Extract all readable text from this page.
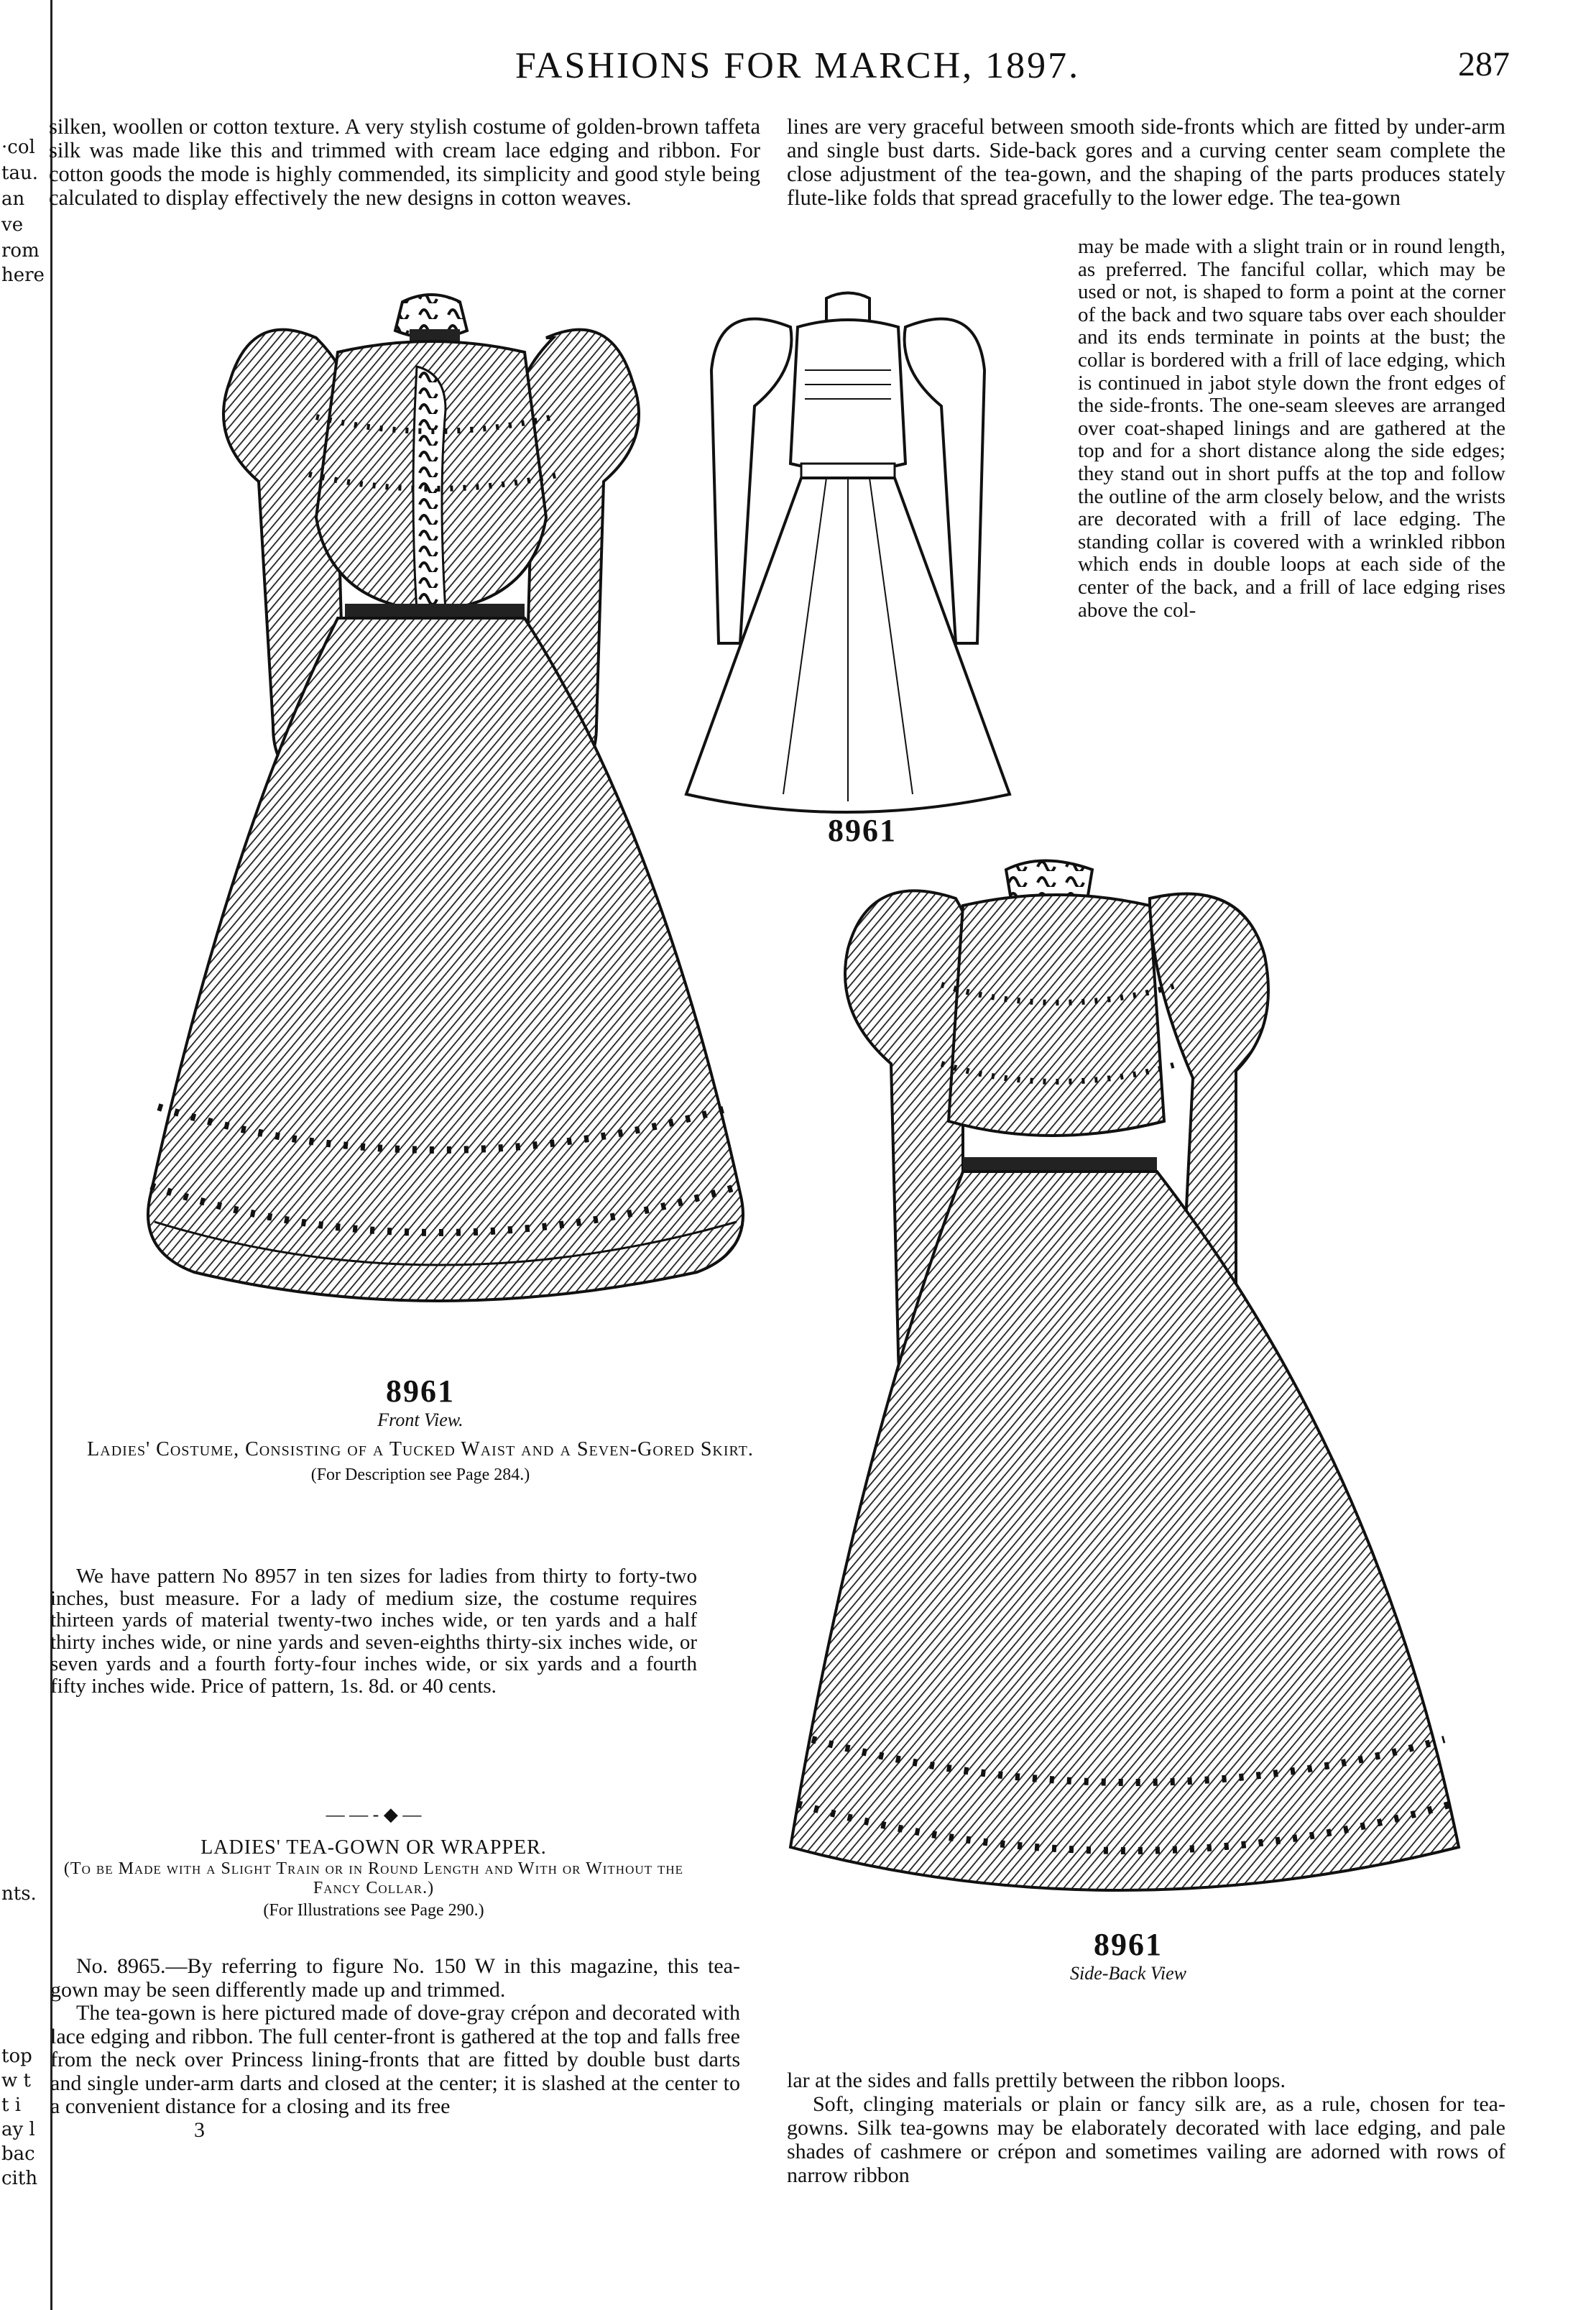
·col
tau.
an
ve
rom
here
nts.
top
w t
t i
ay l
bac
cith
FASHIONS FOR MARCH, 1897.	287

silken, woollen or cotton texture. A very stylish costume of golden-brown taffeta silk was made like this and trimmed with cream lace edging and ribbon. For cotton goods the mode is highly commended, its simplicity and good style being calculated to display effectively the new designs in cotton weaves.

lines are very graceful between smooth side-fronts which are fitted by under-arm and single bust darts. Side-back gores and a curving center seam complete the close adjustment of the tea-gown, and the shaping of the parts produces stately flute-like folds that spread gracefully to the lower edge. The tea-gown

may be made with a slight train or in round length, as preferred. The fanciful collar, which may be used or not, is shaped to form a point at the corner of the back and two square tabs over each shoulder and its ends terminate in points at the bust; the collar is bordered with a frill of lace edging, which is continued in jabot style down the front edges of the side-fronts. The one-seam sleeves are arranged over coat-shaped linings and are gathered at the top and for a short distance along the side edges; they stand out in short puffs at the top and follow the outline of the arm closely below, and the wrists are decorated with a frill of lace edging. The standing collar is covered with a wrinkled ribbon which ends in double loops at each side of the center of the back, and a frill of lace edging rises above the col-

8961
8961
Front View.
Ladies' Costume, Consisting of a Tucked Waist and a Seven-Gored Skirt.
(For Description see Page 284.)
8961
Side-Back View

We have pattern No 8957 in ten sizes for ladies from thirty to forty-two inches, bust measure. For a lady of medium size, the costume requires thirteen yards of material twenty-two inches wide, or ten yards and a half thirty inches wide, or nine yards and seven-eighths thirty-six inches wide, or seven yards and a fourth forty-four inches wide, or six yards and a fourth fifty inches wide. Price of pattern, 1s. 8d. or 40 cents.

— — - ◆ —
LADIES' TEA-GOWN OR WRAPPER.
(To be Made with a Slight Train or in Round Length and With or Without the Fancy Collar.)
(For Illustrations see Page 290.)

No. 8965.—By referring to figure No. 150 W in this magazine, this tea-gown may be seen differently made up and trimmed.

The tea-gown is here pictured made of dove-gray crépon and decorated with lace edging and ribbon. The full center-front is gathered at the top and falls free from the neck over Princess lining-fronts that are fitted by double bust darts and single under-arm darts and closed at the center; it is slashed at the center to a convenient distance for a closing and its free

3

lar at the sides and falls prettily between the ribbon loops.

Soft, clinging materials or plain or fancy silk are, as a rule, chosen for tea-gowns. Silk tea-gowns may be elaborately decorated with lace edging, and pale shades of cashmere or crépon and sometimes vailing are adorned with rows of narrow ribbon
